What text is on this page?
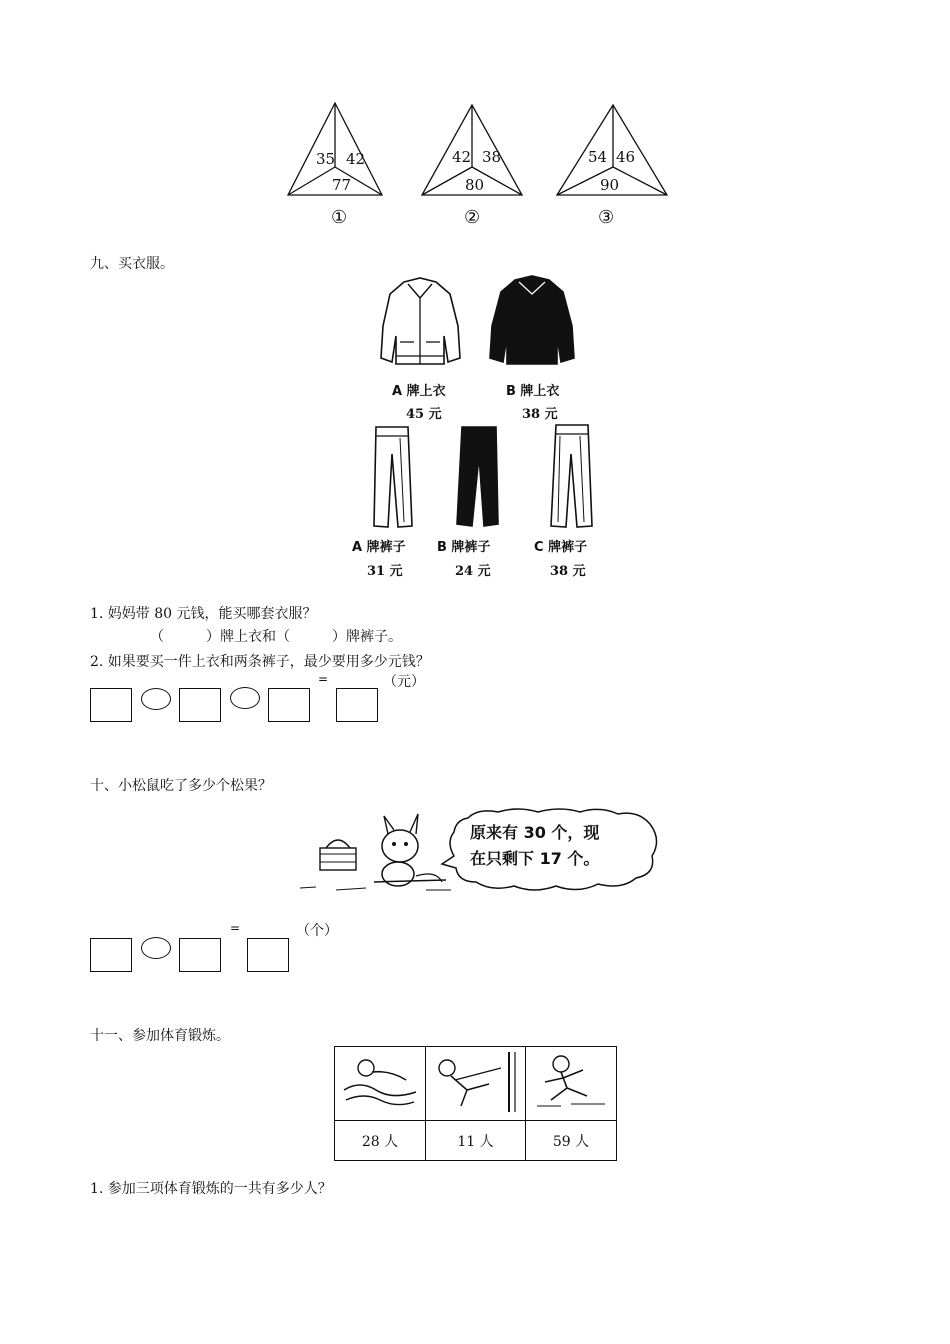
35 42
77
①
42 38
80
②
54 46
90
③
九、买衣服。
A 牌上衣
45 元
B 牌上衣
38 元
A 牌裤子
31 元
B 牌裤子
24 元
C 牌裤子
38 元
1. 妈妈带 80 元钱，能买哪套衣服？
（　　　）牌上衣和（　　　）牌裤子。
2. 如果要买一件上衣和两条裤子，最少要用多少元钱？
=	（元）
十、小松鼠吃了多少个松果？
原来有 30 个，现
在只剩下 17 个。
=	（个）
十一、参加体育锻炼。

28 人	11 人	59 人
1. 参加三项体育锻炼的一共有多少人？
